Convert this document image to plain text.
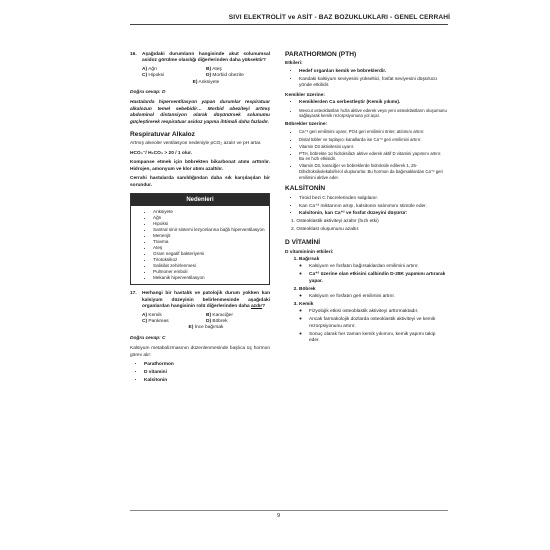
SIVI ELEKTROLİT ve ASİT - BAZ BOZUKLUKLARI - GENEL CERRAHİ
16.	Aşağıdaki durumların hangisinde akut solunumsal asidoz görülme olasılığı diğerlerinden daha yüksektir?
A) Ağrı	B) Ateş
C) Hipoksi	D) Morbid obezite
E) Anksiyete
Doğru cevap: D
Hastalarda hiperventilasyon yapan durumlar respiratuar alkalozun temel sebebidir… Morbid obeziteyi artmış abdominal distansiyon olarak düşünürsek solunumu güçleştirerek respiratuar asidoz yapma ihtimali daha fazladır.
Respiratuvar Alkaloz
Artmış alveoler ventilasyon nedeniyle pCO₂ azalır ve pH artar.
HCO₃⁻/ H₂CO₃ > 20 / 1 olur.
Kompanse etmek için böbrekten bikarbonat atımı arttırılır. Hidrojen, amonyum ve klor atımı azaltılır.
Cerrahi hastalarda sanıldığından daha sık karşılaşılan bir sorundur.
Nedenleri
• Anksiyete
• Ağrı
• Hipoksi
• Santral sinir sistemi lezyonlarına bağlı hiperventilasyon
• Menenjit
• Travma
• Ateş
• Gram negatif bakteriyemi
• Tirotoksikoz
• Salisilat zehirlenmesi
• Pulmoner emboli
• Mekanik hiperventilasyon
17.	Herhangi bir hastalık ve patolojik durum yokken kan kalsiyum düzeyinin belirlenmesinde aşağıdaki organlardan hangisinin rolü diğerlerinden daha azdır?
A) Kemik	B) Karaciğer
C) Pankreas	D) Böbrek
E) İnce bağırsak
Doğru cevap: C
Kalsiyum metabolizmasının düzenlenmesinde başlıca üç hormon görev alır:
• Parathormon
• D vitamini
• Kalsitonin
PARATHORMON (PTH)
Etkileri:
• Hedef organları kemik ve böbreklerdir.
• Kandaki kalsiyum seviyesini yükseltici, fosfat seviyesini düşürücü yönde etkilidir.
Kemikler üzerine:
• Kemiklerden Ca serbestleştir (Kemik yıkımı).
• Mevcut osteoklastları hızla aktive ederek veya yeni osteoklastların oluşumunu sağlayarak kemik rezorpsiyonuna yol açar.
Böbrekler üzerine:
• Ca⁺² geri emilimini uyarır, PO4 geri emilimini önler; atılımını artırır.
• Distal tübler ve toplayıcı kanallarda ise Ca⁺² geri emilimini artırır.
• Vitamin D3 aktivitesini uyarır.
• PTH, böbrekte 1α hidroksilazı aktive ederek aktif D vitamini yapımını artırır. Bu en hızlı etkisidir.
• Vitamin D3, karaciğer ve böbreklerde hidroksile edilerek 1, 25-Dihidroksikolekalsiferol oluştururlar. Bu hormon da bağırsaklardan Ca⁺² geri emilimini aktive eder.
KALSİTONİN
• Tiroid bezi C hücrelerinden salgılanır.
• Kan Ca⁺² miktarının artışı, kalsitonin salınımını stimüle eder.
• Kalsitonin, kan Ca⁺² ve fosfat düzeyini düşürür:
1. Osteoklastik aktiviteyi azaltır (hızlı etki)
2. Osteoklast oluşumunu azaltır.
D VİTAMİNİ
D vitamininin etkileri:
1. Bağırsak
◦ Kalsiyum ve fosfatın bağırsaklardan emilimini artırır.
◦ Ca⁺² üzerine olan etkisini calbindin D-28K yapımını artırarak yapar.
2. Böbrek
◦ Kalsiyum ve fosfatın geri emilimini artırır.
3. Kemik
◦ Fizyolojik etkisi osteoblastik aktiviteyi arttırmaktadır.
◦ Ancak farmakolojik dozlarda osteoklastik aktiviteyi ve kemik rezorpsiyonunu artırır.
◦ Sonuç olarak her zaman kemik yıkımını, kemik yapımı takip eder.
9
